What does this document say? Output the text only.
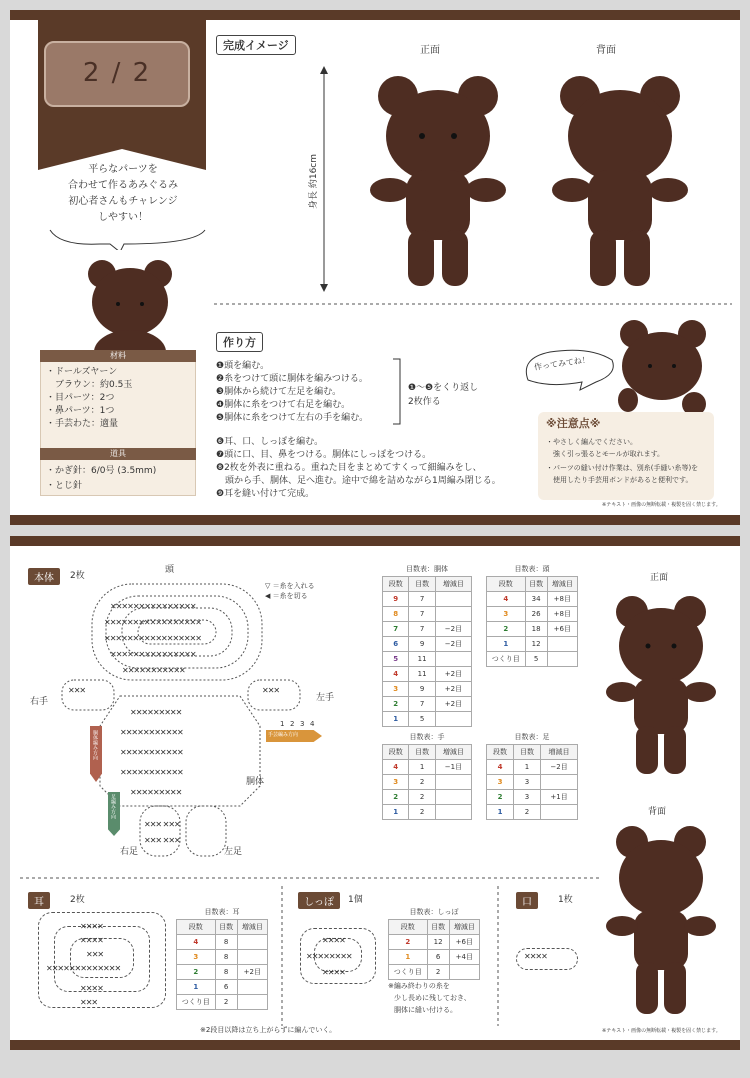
2 / 2
平らなパーツを
合わせて作るあみぐるみ
初心者さんもチャレンジ
しやすい！
材料
・ドールズヤーン
　ブラウン：約0.5玉
・目パーツ：2つ
・鼻パーツ：1つ
・手芸わた：適量
道具
・かぎ針：6/0号 (3.5mm)
・とじ針
完成イメージ	正面	背面
身長 約16cm
作り方
❶頭を編む。
❷糸をつけて頭に胴体を編みつける。
❸胴体から続けて左足を編む。
❹胴体に糸をつけて右足を編む。
❺胴体に糸をつけて左右の手を編む。
❶〜❺をくり返し
2枚作る
❻耳、口、しっぽを編む。
❼頭に口、目、鼻をつける。胴体にしっぽをつける。
❽2枚を外表に重ねる。重ねた目をまとめてすくって細編みをし、
　頭から手、胴体、足へ進む。途中で綿を詰めながら1周編み閉じる。
❾耳を縫い付けて完成。
作ってみてね！
※注意点※
・やさしく編んでください。
　強く引っ張るとモールが取れます。
・パーツの縫い付け作業は、別糸(手縫い糸等)を
　使用したり手芸用ボンドがあると便利です。
※テキスト・画像の無断転載・複製を固く禁じます。
本体	2枚
頭
▽ ＝糸を入れる
◀ ＝糸を切る
✕✕✕✕✕✕✕✕✕✕✕✕✕✕✕
✕✕✕✕✕✕✕✕✕✕✕✕✕✕✕✕✕
✕✕✕✕✕✕✕✕✕✕✕✕✕✕✕✕✕
✕✕✕✕✕✕✕✕✕✕✕✕✕✕✕
✕✕✕✕✕✕✕✕✕✕✕
✕✕✕✕✕✕✕✕✕
✕✕✕✕✕✕✕✕✕✕✕
✕✕✕✕✕✕✕✕✕✕✕
✕✕✕✕✕✕✕✕✕✕✕
✕✕✕✕✕✕✕✕✕
✕✕✕ ✕✕✕
✕✕✕ ✕✕✕
✕✕✕	✕✕✕
右手	左手
胴体
右足	左足
1 2 3 4
手芸編み方向
胴体編み方向
足編み方向
目数表：胴体
段数	目数	増減目
9	7	
8	7	
7	7	−2目
6	9	−2目
5	11	
4	11	+2目
3	9	+2目
2	7	+2目
1	5	
目数表：頭
段数	目数	増減目
4	34	+8目
3	26	+8目
2	18	+6目
1	12	
つくり目	5	
目数表：手
段数	目数	増減目
4	1	−1目
3	2	
2	2	
1	2	
目数表：足
段数	目数	増減目
4	1	−2目
3	3	
2	3	+1目
1	2	
正面
背面
耳	2枚
✕✕✕✕
✕✕✕✕
✕✕✕
✕✕✕✕✕✕✕✕✕✕✕✕✕
✕✕✕✕
✕✕✕
目数表：耳
段数	目数	増減目
4	8	
3	8	
2	8	+2目
1	6	
つくり目	2	
しっぽ	1個
✕✕✕✕
✕✕✕✕✕✕✕✕
✕✕✕✕
目数表：しっぽ
段数	目数	増減目
2	12	+6目
1	6	+4目
つくり目	2	
※編み終わりの糸を
少し長めに残しておき、
胴体に縫い付ける。
口	1枚
✕✕✕✕
※2段目以降は立ち上がらずに編んでいく。	※テキスト・画像の無断転載・複製を固く禁じます。
